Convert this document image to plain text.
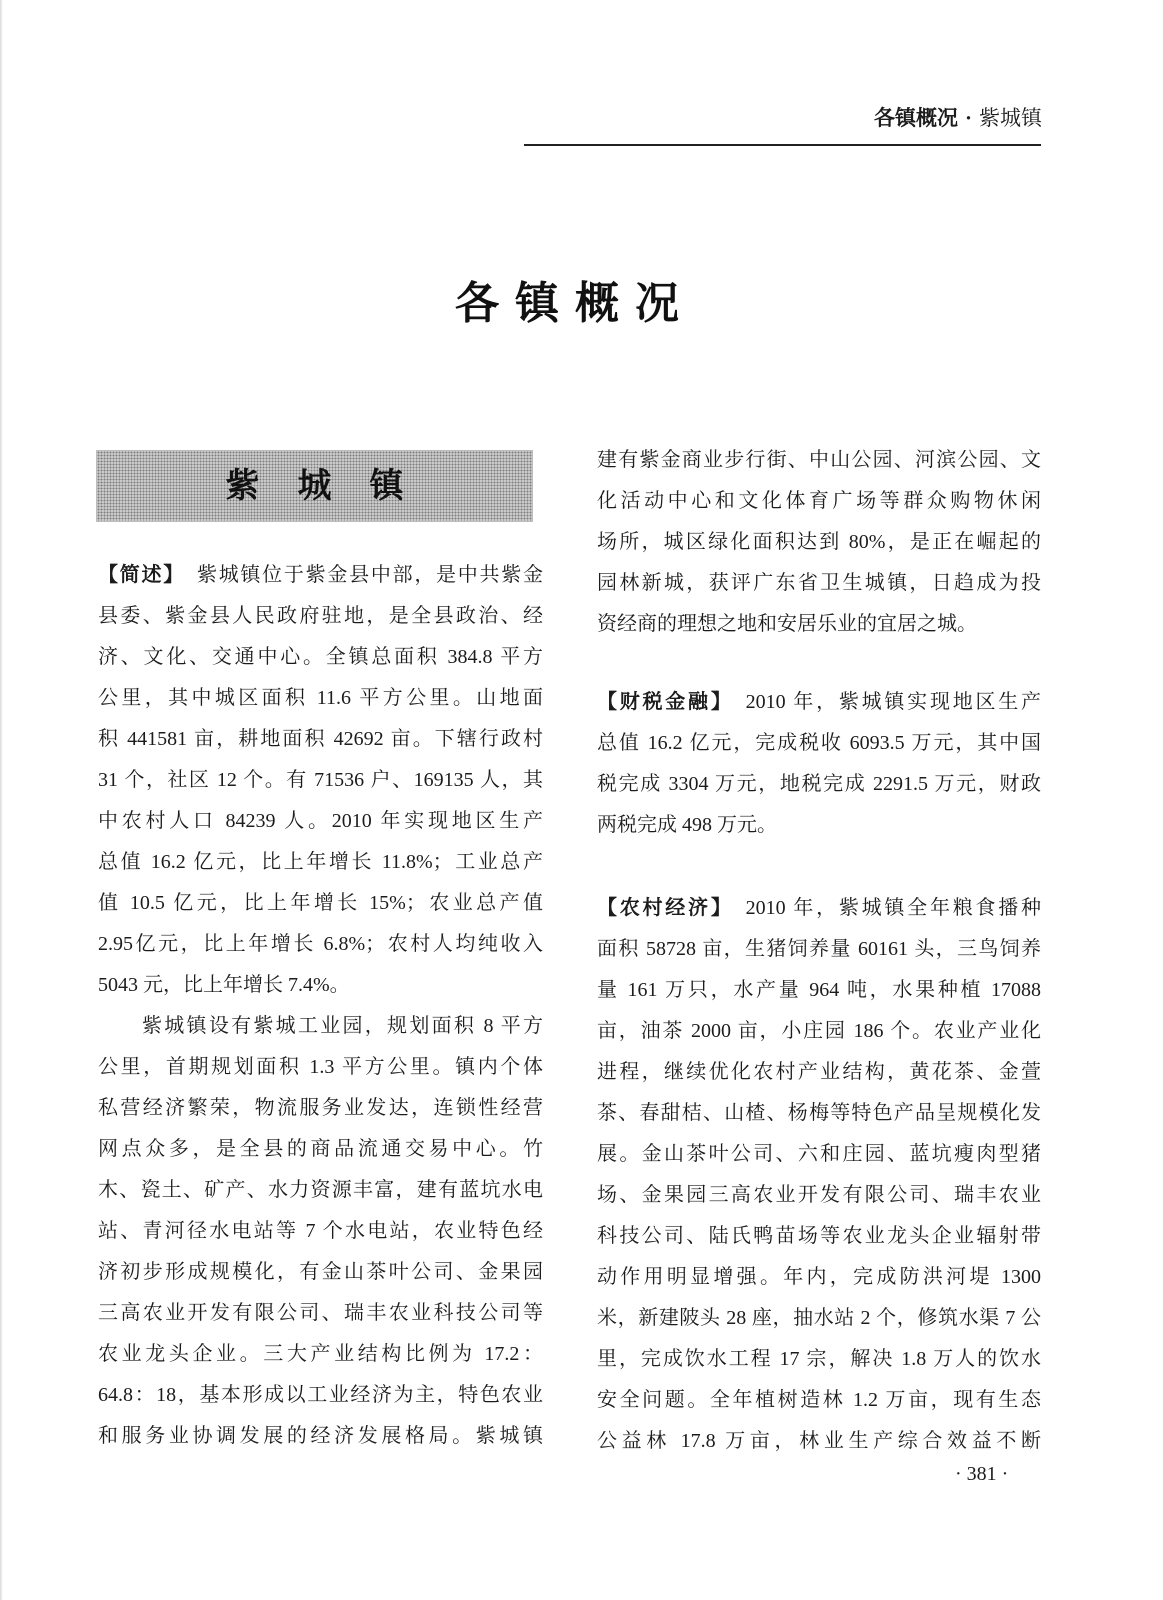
各镇概况 · 紫城镇
各镇概况
紫城镇
【简述】 紫城镇位于紫金县中部，是中共紫金
县委、紫金县人民政府驻地，是全县政治、经
济、文化、交通中心。全镇总面积 384.8 平方
公里，其中城区面积 11.6 平方公里。山地面
积 441581 亩，耕地面积 42692 亩。下辖行政村
31 个，社区 12 个。有 71536 户、169135 人，其
中农村人口 84239 人。2010 年实现地区生产
总值 16.2 亿元，比上年增长 11.8%；工业总产
值 10.5 亿元，比上年增长 15%；农业总产值
2.95亿元，比上年增长 6.8%；农村人均纯收入
5043 元，比上年增长 7.4%。
紫城镇设有紫城工业园，规划面积 8 平方
公里，首期规划面积 1.3 平方公里。镇内个体
私营经济繁荣，物流服务业发达，连锁性经营
网点众多，是全县的商品流通交易中心。竹
木、瓷土、矿产、水力资源丰富，建有蓝坑水电
站、青河径水电站等 7 个水电站，农业特色经
济初步形成规模化，有金山茶叶公司、金果园
三高农业开发有限公司、瑞丰农业科技公司等
农业龙头企业。三大产业结构比例为 17.2：
64.8：18，基本形成以工业经济为主，特色农业
和服务业协调发展的经济发展格局。紫城镇
建有紫金商业步行街、中山公园、河滨公园、文
化活动中心和文化体育广场等群众购物休闲
场所，城区绿化面积达到 80%，是正在崛起的
园林新城，获评广东省卫生城镇，日趋成为投
资经商的理想之地和安居乐业的宜居之城。
【财税金融】 2010 年，紫城镇实现地区生产
总值 16.2 亿元，完成税收 6093.5 万元，其中国
税完成 3304 万元，地税完成 2291.5 万元，财政
两税完成 498 万元。
【农村经济】 2010 年，紫城镇全年粮食播种
面积 58728 亩，生猪饲养量 60161 头，三鸟饲养
量 161 万只，水产量 964 吨，水果种植 17088
亩，油茶 2000 亩，小庄园 186 个。农业产业化
进程，继续优化农村产业结构，黄花茶、金萱
茶、春甜桔、山楂、杨梅等特色产品呈规模化发
展。金山茶叶公司、六和庄园、蓝坑瘦肉型猪
场、金果园三高农业开发有限公司、瑞丰农业
科技公司、陆氏鸭苗场等农业龙头企业辐射带
动作用明显增强。年内，完成防洪河堤 1300
米，新建陂头 28 座，抽水站 2 个，修筑水渠 7 公
里，完成饮水工程 17 宗，解决 1.8 万人的饮水
安全问题。全年植树造林 1.2 万亩，现有生态
公益林 17.8 万亩，林业生产综合效益不断
· 381 ·
